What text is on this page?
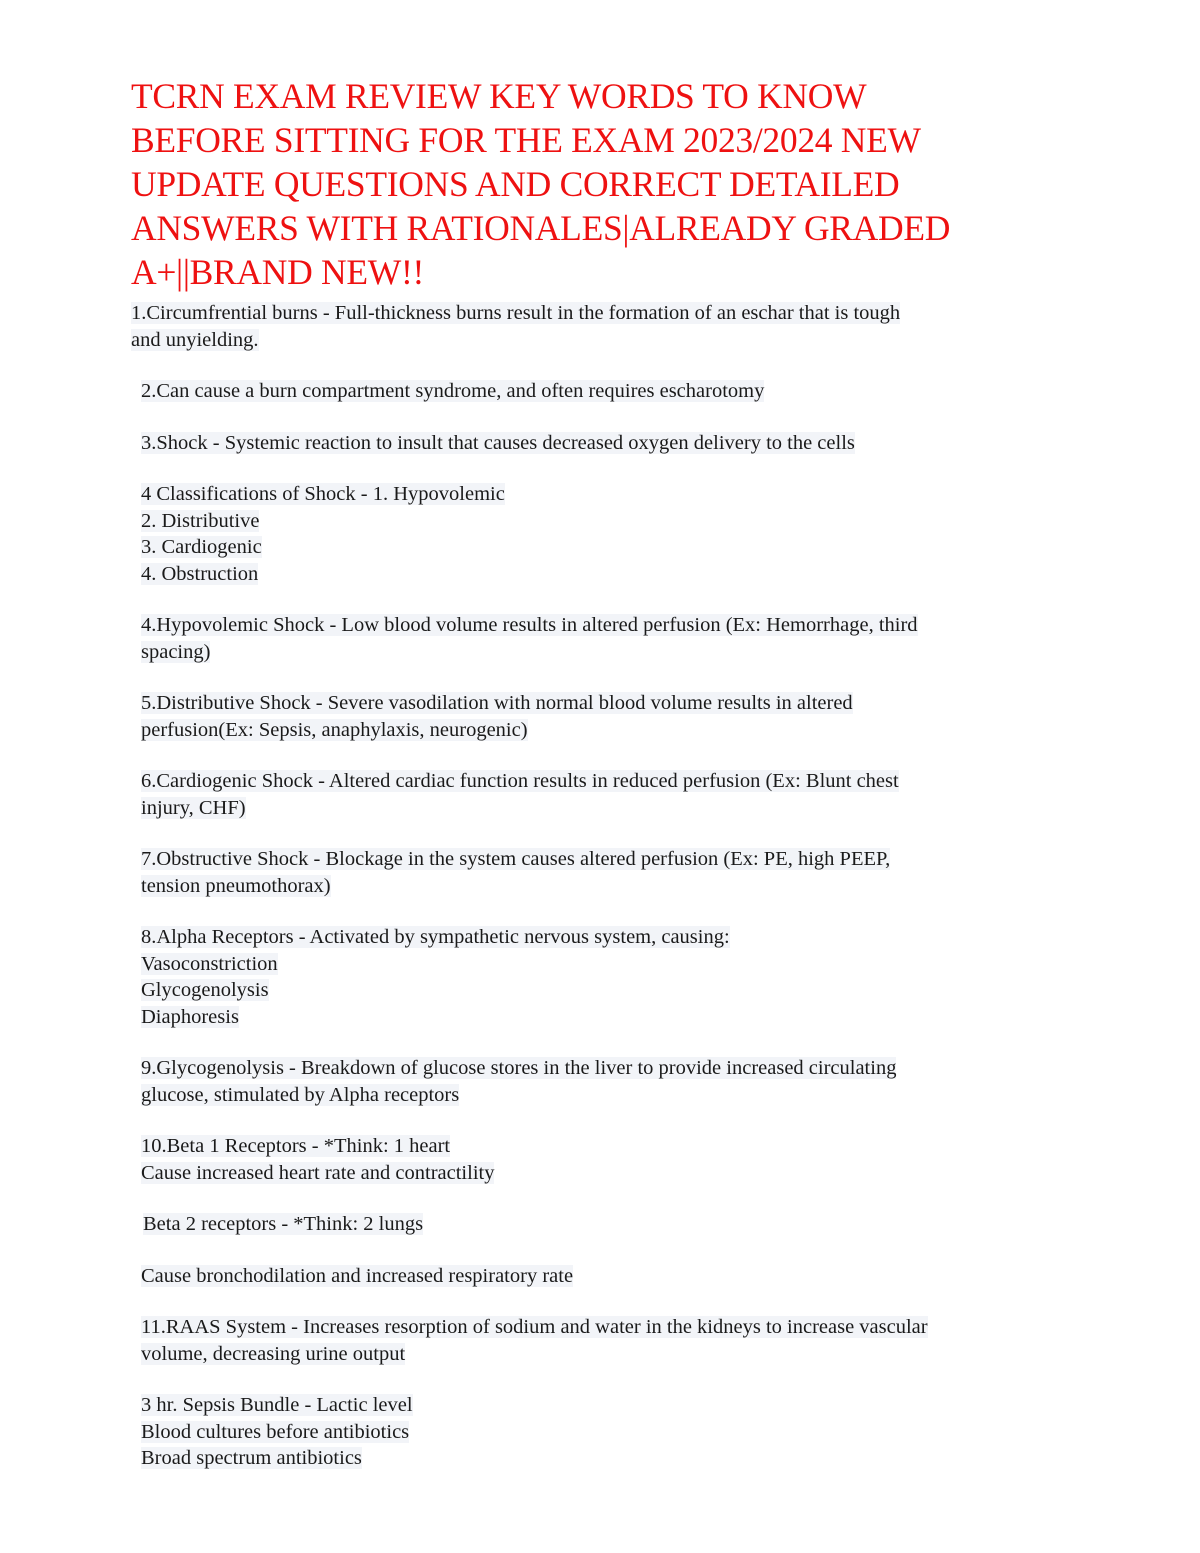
TCRN EXAM REVIEW KEY WORDS TO KNOW
BEFORE SITTING FOR THE EXAM 2023/2024 NEW
UPDATE QUESTIONS AND CORRECT DETAILED
ANSWERS WITH RATIONALES|ALREADY GRADED
A+||BRAND NEW!!
1.Circumfrential burns - Full-thickness burns result in the formation of an eschar that is tough
and unyielding.
2.Can cause a burn compartment syndrome, and often requires escharotomy
3.Shock - Systemic reaction to insult that causes decreased oxygen delivery to the cells
4 Classifications of Shock - 1. Hypovolemic
2. Distributive
3. Cardiogenic
4. Obstruction
4.Hypovolemic Shock - Low blood volume results in altered perfusion (Ex: Hemorrhage, third
spacing)
5.Distributive Shock - Severe vasodilation with normal blood volume results in altered
perfusion(Ex: Sepsis, anaphylaxis, neurogenic)
6.Cardiogenic Shock - Altered cardiac function results in reduced perfusion (Ex: Blunt chest
injury, CHF)
7.Obstructive Shock - Blockage in the system causes altered perfusion (Ex: PE, high PEEP,
tension pneumothorax)
8.Alpha Receptors - Activated by sympathetic nervous system, causing:
Vasoconstriction
Glycogenolysis
Diaphoresis
9.Glycogenolysis - Breakdown of glucose stores in the liver to provide increased circulating
glucose, stimulated by Alpha receptors
10.Beta 1 Receptors - *Think: 1 heart
Cause increased heart rate and contractility
Beta 2 receptors - *Think: 2 lungs
Cause bronchodilation and increased respiratory rate
11.RAAS System - Increases resorption of sodium and water in the kidneys to increase vascular
volume, decreasing urine output
3 hr. Sepsis Bundle - Lactic level
Blood cultures before antibiotics
Broad spectrum antibiotics
